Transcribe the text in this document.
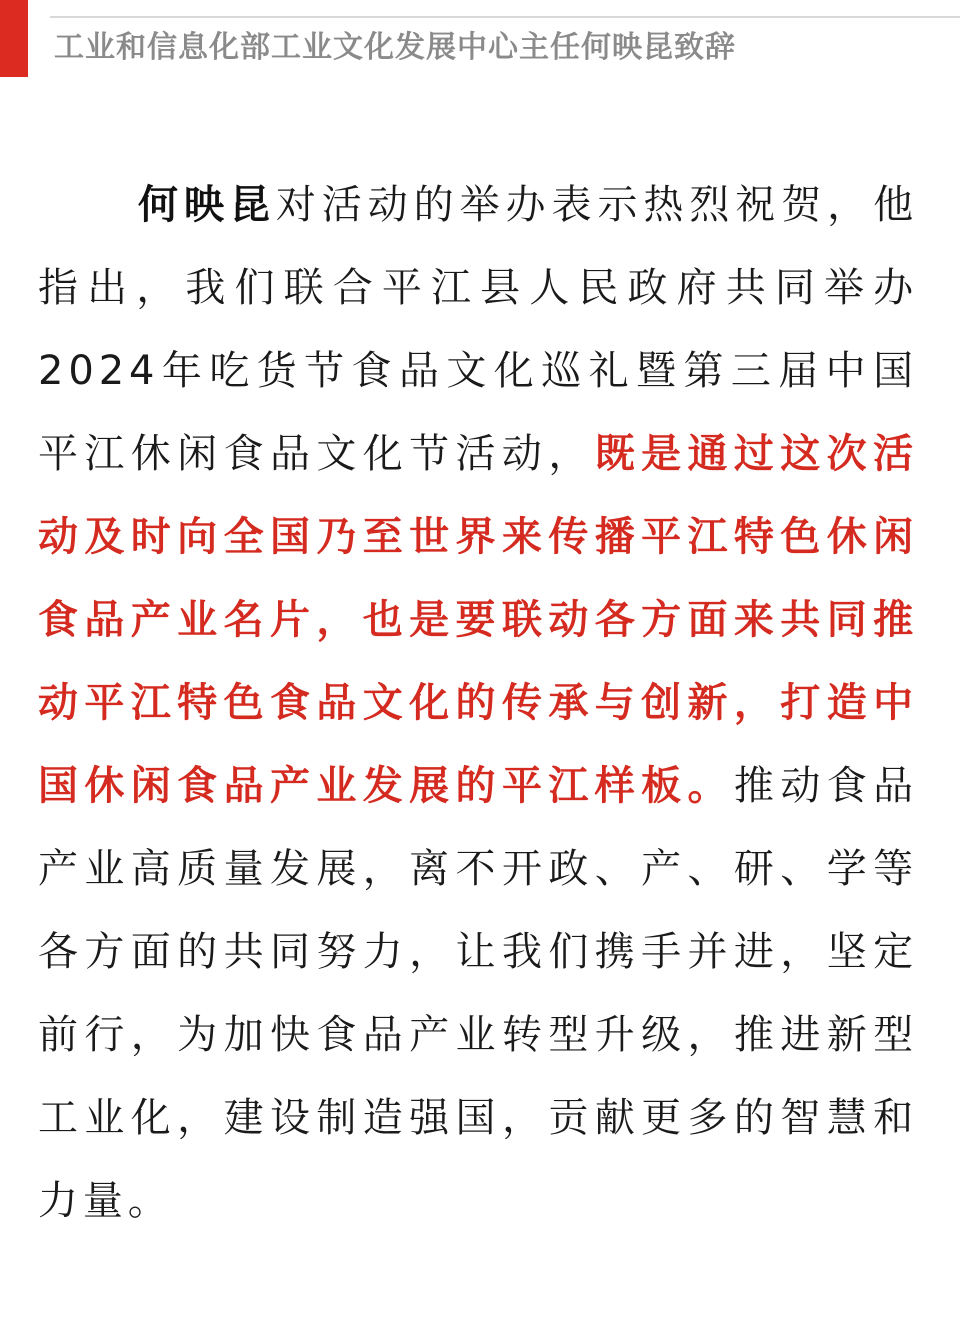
工业和信息化部工业文化发展中心主任何映昆致辞

何映昆对活动的举办表示热烈祝贺，他指出，我们联合平江县人民政府共同举办2024年吃货节食品文化巡礼暨第三届中国平江休闲食品文化节活动，既是通过这次活动及时向全国乃至世界来传播平江特色休闲食品产业名片，也是要联动各方面来共同推动平江特色食品文化的传承与创新，打造中国休闲食品产业发展的平江样板。推动食品产业高质量发展，离不开政、产、研、学等各方面的共同努力，让我们携手并进，坚定前行，为加快食品产业转型升级，推进新型工业化，建设制造强国，贡献更多的智慧和力量。
